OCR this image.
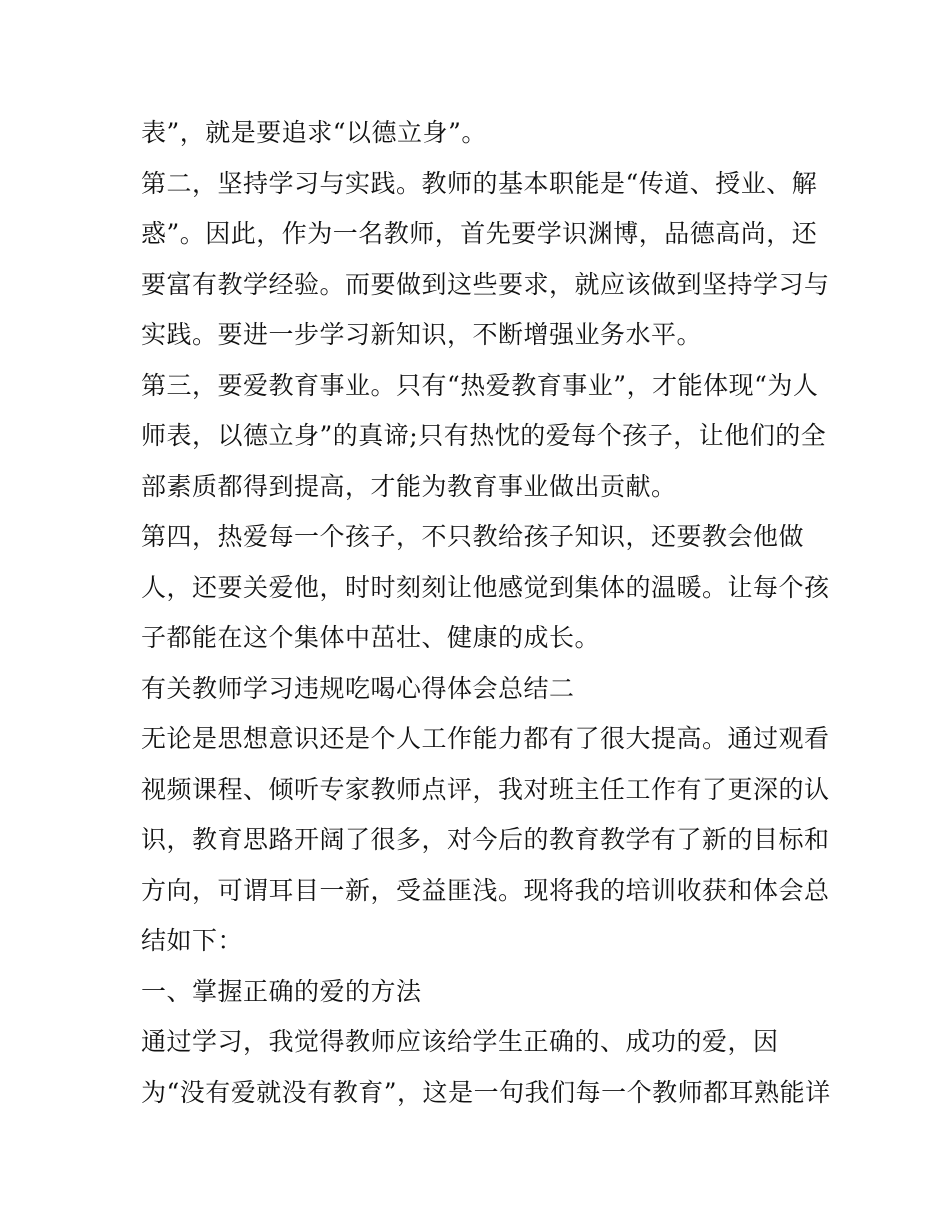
表”，就是要追求“以德立身”。
第二，坚持学习与实践。教师的基本职能是“传道、授业、解
惑”。因此，作为一名教师，首先要学识渊博，品德高尚，还
要富有教学经验。而要做到这些要求，就应该做到坚持学习与
实践。要进一步学习新知识，不断增强业务水平。
第三，要爱教育事业。只有“热爱教育事业”，才能体现“为人
师表，以德立身”的真谛;只有热忱的爱每个孩子，让他们的全
部素质都得到提高，才能为教育事业做出贡献。
第四，热爱每一个孩子，不只教给孩子知识，还要教会他做
人，还要关爱他，时时刻刻让他感觉到集体的温暖。让每个孩
子都能在这个集体中茁壮、健康的成长。
有关教师学习违规吃喝心得体会总结二
无论是思想意识还是个人工作能力都有了很大提高。通过观看
视频课程、倾听专家教师点评，我对班主任工作有了更深的认
识，教育思路开阔了很多，对今后的教育教学有了新的目标和
方向，可谓耳目一新，受益匪浅。现将我的培训收获和体会总
结如下：
一、掌握正确的爱的方法
通过学习，我觉得教师应该给学生正确的、成功的爱，因
为“没有爱就没有教育”，这是一句我们每一个教师都耳熟能详
